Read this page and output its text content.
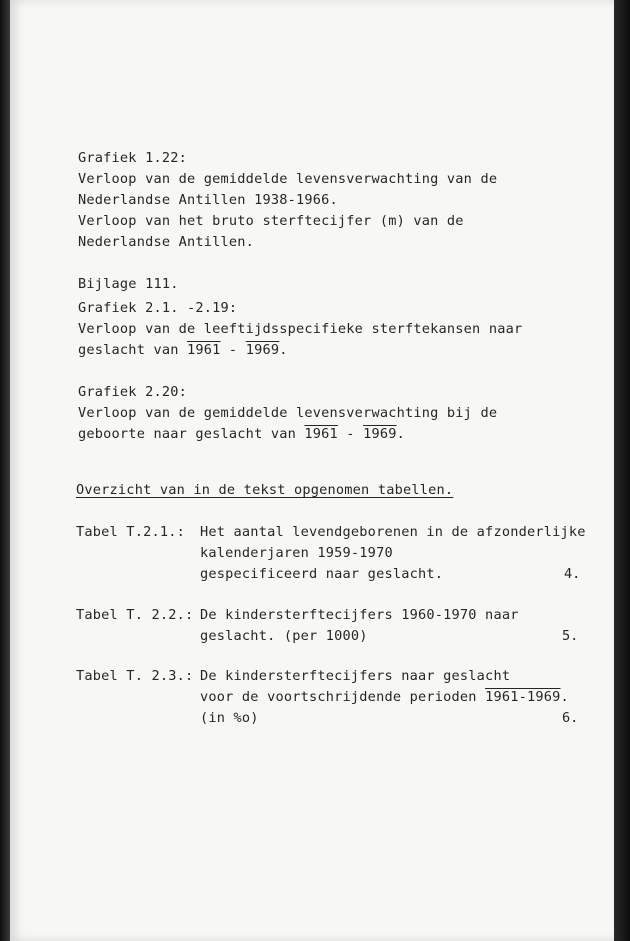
Grafiek 1.22:

Verloop van de gemiddelde levensverwachting van de

Nederlandse Antillen 1938-1966.

Verloop van het bruto sterftecijfer (m) van de

Nederlandse Antillen.

Bijlage 111.

Grafiek 2.1. -2.19:

Verloop van de leeftijdsspecifieke sterftekansen naar

geslacht van 1961 - 1969.

Grafiek 2.20:

Verloop van de gemiddelde levensverwachting bij de

geboorte naar geslacht van 1961 - 1969.

Overzicht van in de tekst opgenomen tabellen.

Tabel T.2.1.: Het aantal levendgeborenen in de afzonderlijke

kalenderjaren 1959-1970

gespecificeerd naar geslacht.	4.

Tabel T. 2.2.: De kindersterftecijfers 1960-1970 naar

geslacht. (per 1000)	5.

Tabel T. 2.3.: De kindersterftecijfers naar geslacht

voor de voortschrijdende perioden 1961-1969.

(in %o)	6.
